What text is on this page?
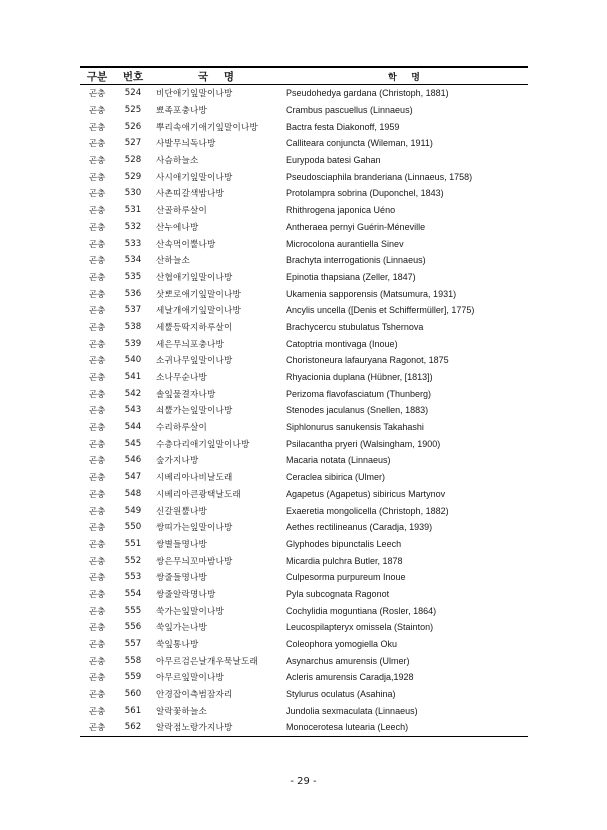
구분	번호	국 명	학 명
곤충	524	비단애기잎말이나방	Pseudohedya gardana (Christoph, 1881)
곤충	525	뾰족포충나방	Crambus pascuellus (Linnaeus)
곤충	526	뿌리속애기애기잎말이나방	Bactra festa Diakonoff, 1959
곤충	527	사발무늬독나방	Calliteara conjuncta (Wileman, 1911)
곤충	528	사슴하늘소	Eurypoda batesi Gahan
곤충	529	사시애기잎말이나방	Pseudosciaphila branderiana (Linnaeus, 1758)
곤충	530	사촌띠갈색밤나방	Protolampra sobrina (Duponchel, 1843)
곤충	531	산골하루살이	Rhithrogena japonica Uéno
곤충	532	산누에나방	Antheraea pernyi Guérin-Méneville
곤충	533	산속먹이뿔나방	Microcolona aurantiella Sinev
곤충	534	산하늘소	Brachyta interrogationis (Linnaeus)
곤충	535	산협애기잎말이나방	Epinotia thapsiana (Zeller, 1847)
곤충	536	삿뽀로애기잎말이나방	Ukamenia sapporensis (Matsumura, 1931)
곤충	537	세날개애기잎말이나방	Ancylis uncella ([Denis et Schiffermüller], 1775)
곤충	538	세뿔등딱지하루살이	Brachycercu stubulatus Tshernova
곤충	539	세은무늬포충나방	Catoptria montivaga (Inoue)
곤충	540	소귀나무잎말이나방	Choristoneura lafauryana Ragonot, 1875
곤충	541	소나무순나방	Rhyacionia duplana (Hübner, [1813])
곤충	542	솔잎물결자나방	Perizoma flavofasciatum (Thunberg)
곤충	543	쇠뿔가는잎말이나방	Stenodes jaculanus (Snellen, 1883)
곤충	544	수리하루살이	Siphlonurus sanukensis Takahashi
곤충	545	수층다리애기잎말이나방	Psilacantha pryeri (Walsingham, 1900)
곤충	546	숲가지나방	Macaria notata (Linnaeus)
곤충	547	시베리아나비날도래	Ceraclea sibirica (Ulmer)
곤충	548	시베리아큰광택날도래	Agapetus (Agapetus) sibiricus Martynov
곤충	549	신갈원뿔나방	Exaeretia mongolicella (Christoph, 1882)
곤충	550	쌍띠가는잎말이나방	Aethes rectilineanus (Caradja, 1939)
곤충	551	쌍별들명나방	Glyphodes bipunctalis Leech
곤충	552	쌍은무늬꼬마밤나방	Micardia pulchra Butler, 1878
곤충	553	쌍줄들명나방	Culpesorma purpureum Inoue
곤충	554	쌍줄알락명나방	Pyla subcognata Ragonot
곤충	555	쑥가는잎말이나방	Cochylidia moguntiana (Rosler, 1864)
곤충	556	쑥잎가는나방	Leucospilapteryx omissela (Stainton)
곤충	557	쑥잎통나방	Coleophora yomogiella Oku
곤충	558	아무르검은날개우묵날도래	Asynarchus amurensis (Ulmer)
곤충	559	아무르잎말이나방	Acleris amurensis Caradja,1928
곤충	560	안경잡이측범잠자리	Stylurus oculatus (Asahina)
곤충	561	알락꽃하늘소	Jundolia sexmaculata (Linnaeus)
곤충	562	알락점노랑가지나방	Monocerotesa lutearia (Leech)
- 29 -
